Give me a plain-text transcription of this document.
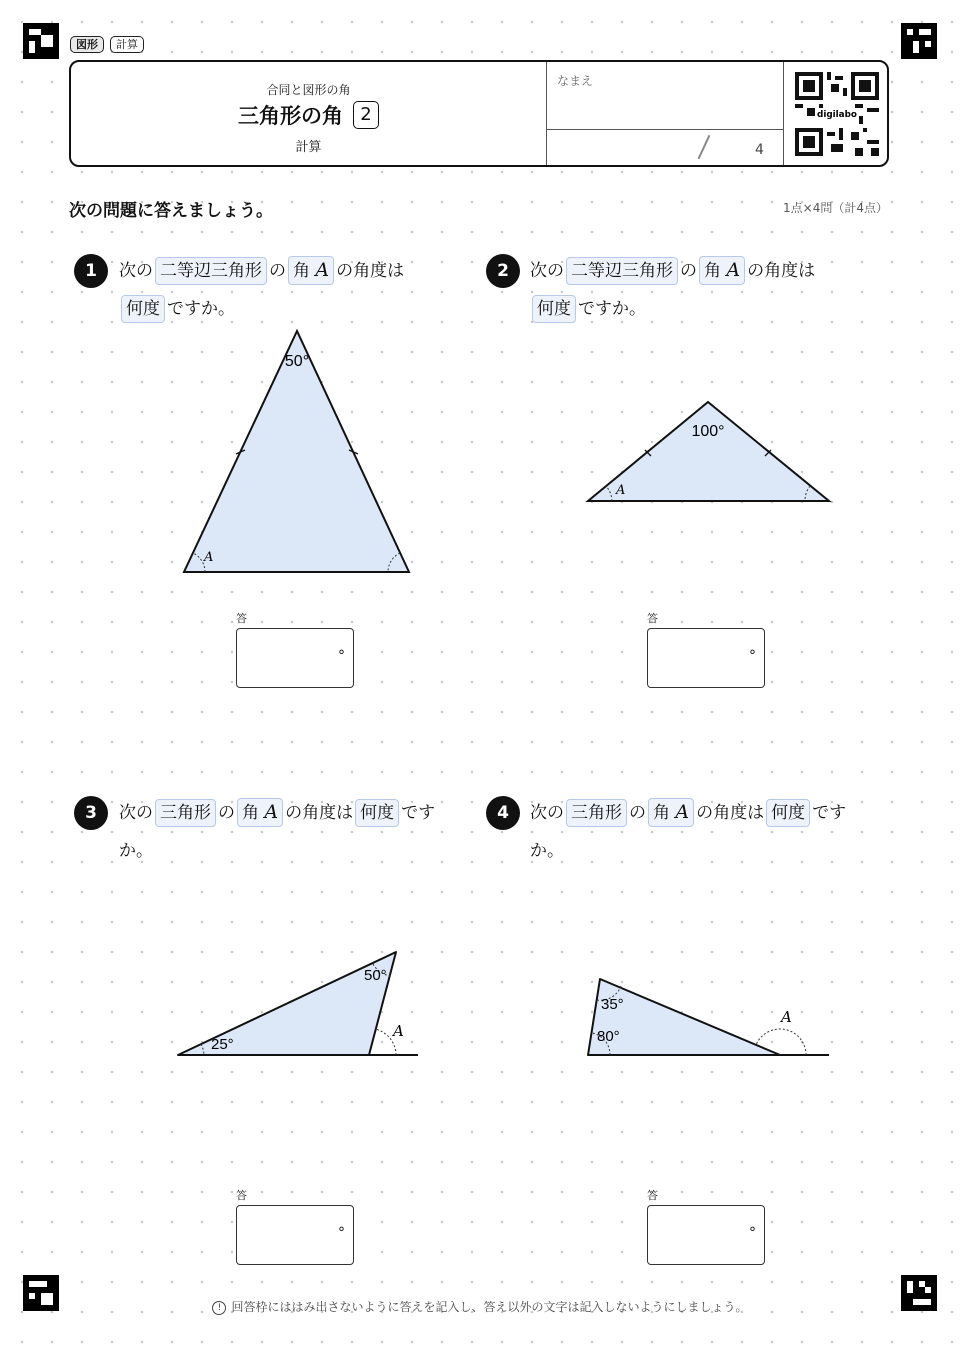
図形	計算
合同と図形の角
三角形の角 2
計算
なまえ
4
digilabo
次の問題に答えましょう。	1点×4問（計4点）
1	次の 二等辺三角形 の 角 A の角度は
何度 ですか。
答
°
2	次の 二等辺三角形 の 角 A の角度は
何度 ですか。
答
°
3	次の 三角形 の 角 A の角度は 何度 です
か。
答
°
4	次の 三角形 の 角 A の角度は 何度 です
か。
答
°
50°
A
100°
A
50°
25°
A
35°
80°
A
! 回答枠にははみ出さないように答えを記入し、答え以外の文字は記入しないようにしましょう。
